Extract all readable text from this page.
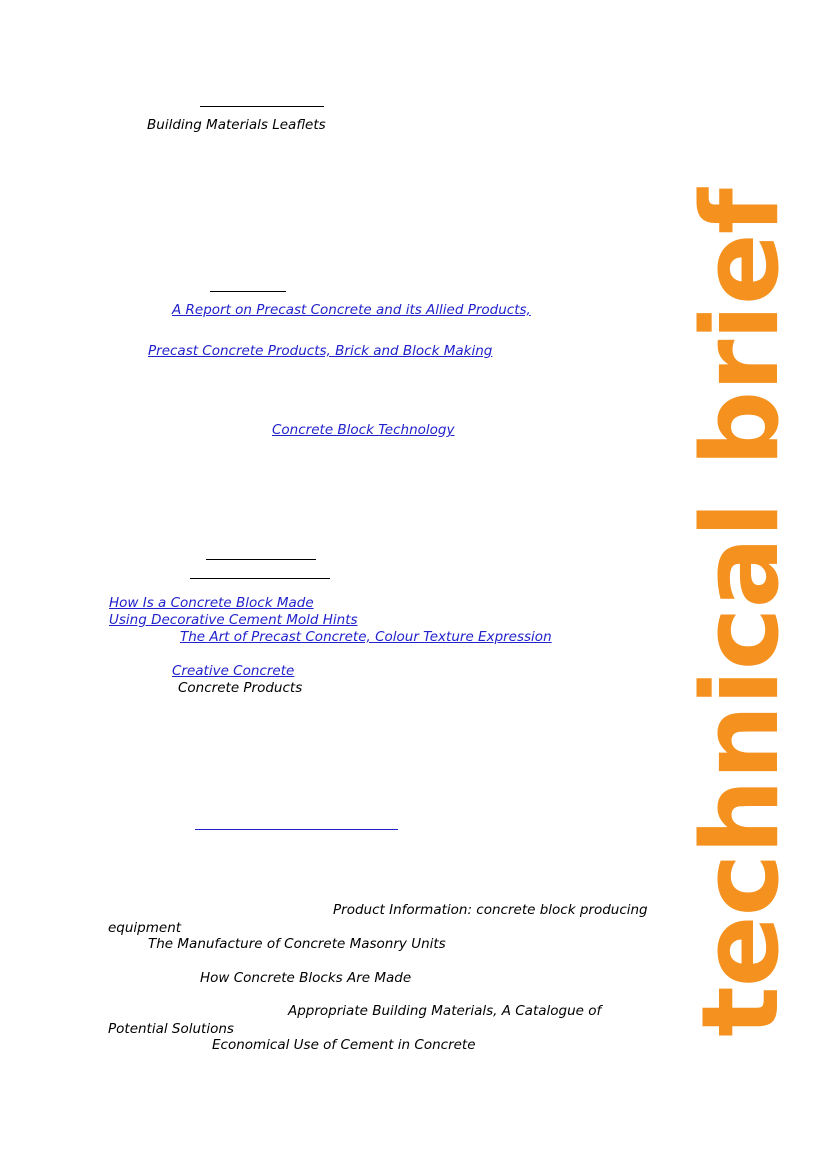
Building Materials Leaflets
A Report on Precast Concrete and its Allied Products,
Precast Concrete Products, Brick and Block Making
Concrete Block Technology
How Is a Concrete Block Made
Using Decorative Cement Mold Hints
The Art of Precast Concrete, Colour Texture Expression
Creative Concrete
Concrete Products
Product Information: concrete block producing equipment
The Manufacture of Concrete Masonry Units
How Concrete Blocks Are Made
Appropriate Building Materials, A Catalogue of Potential Solutions
Economical Use of Cement in Concrete
technical brief
